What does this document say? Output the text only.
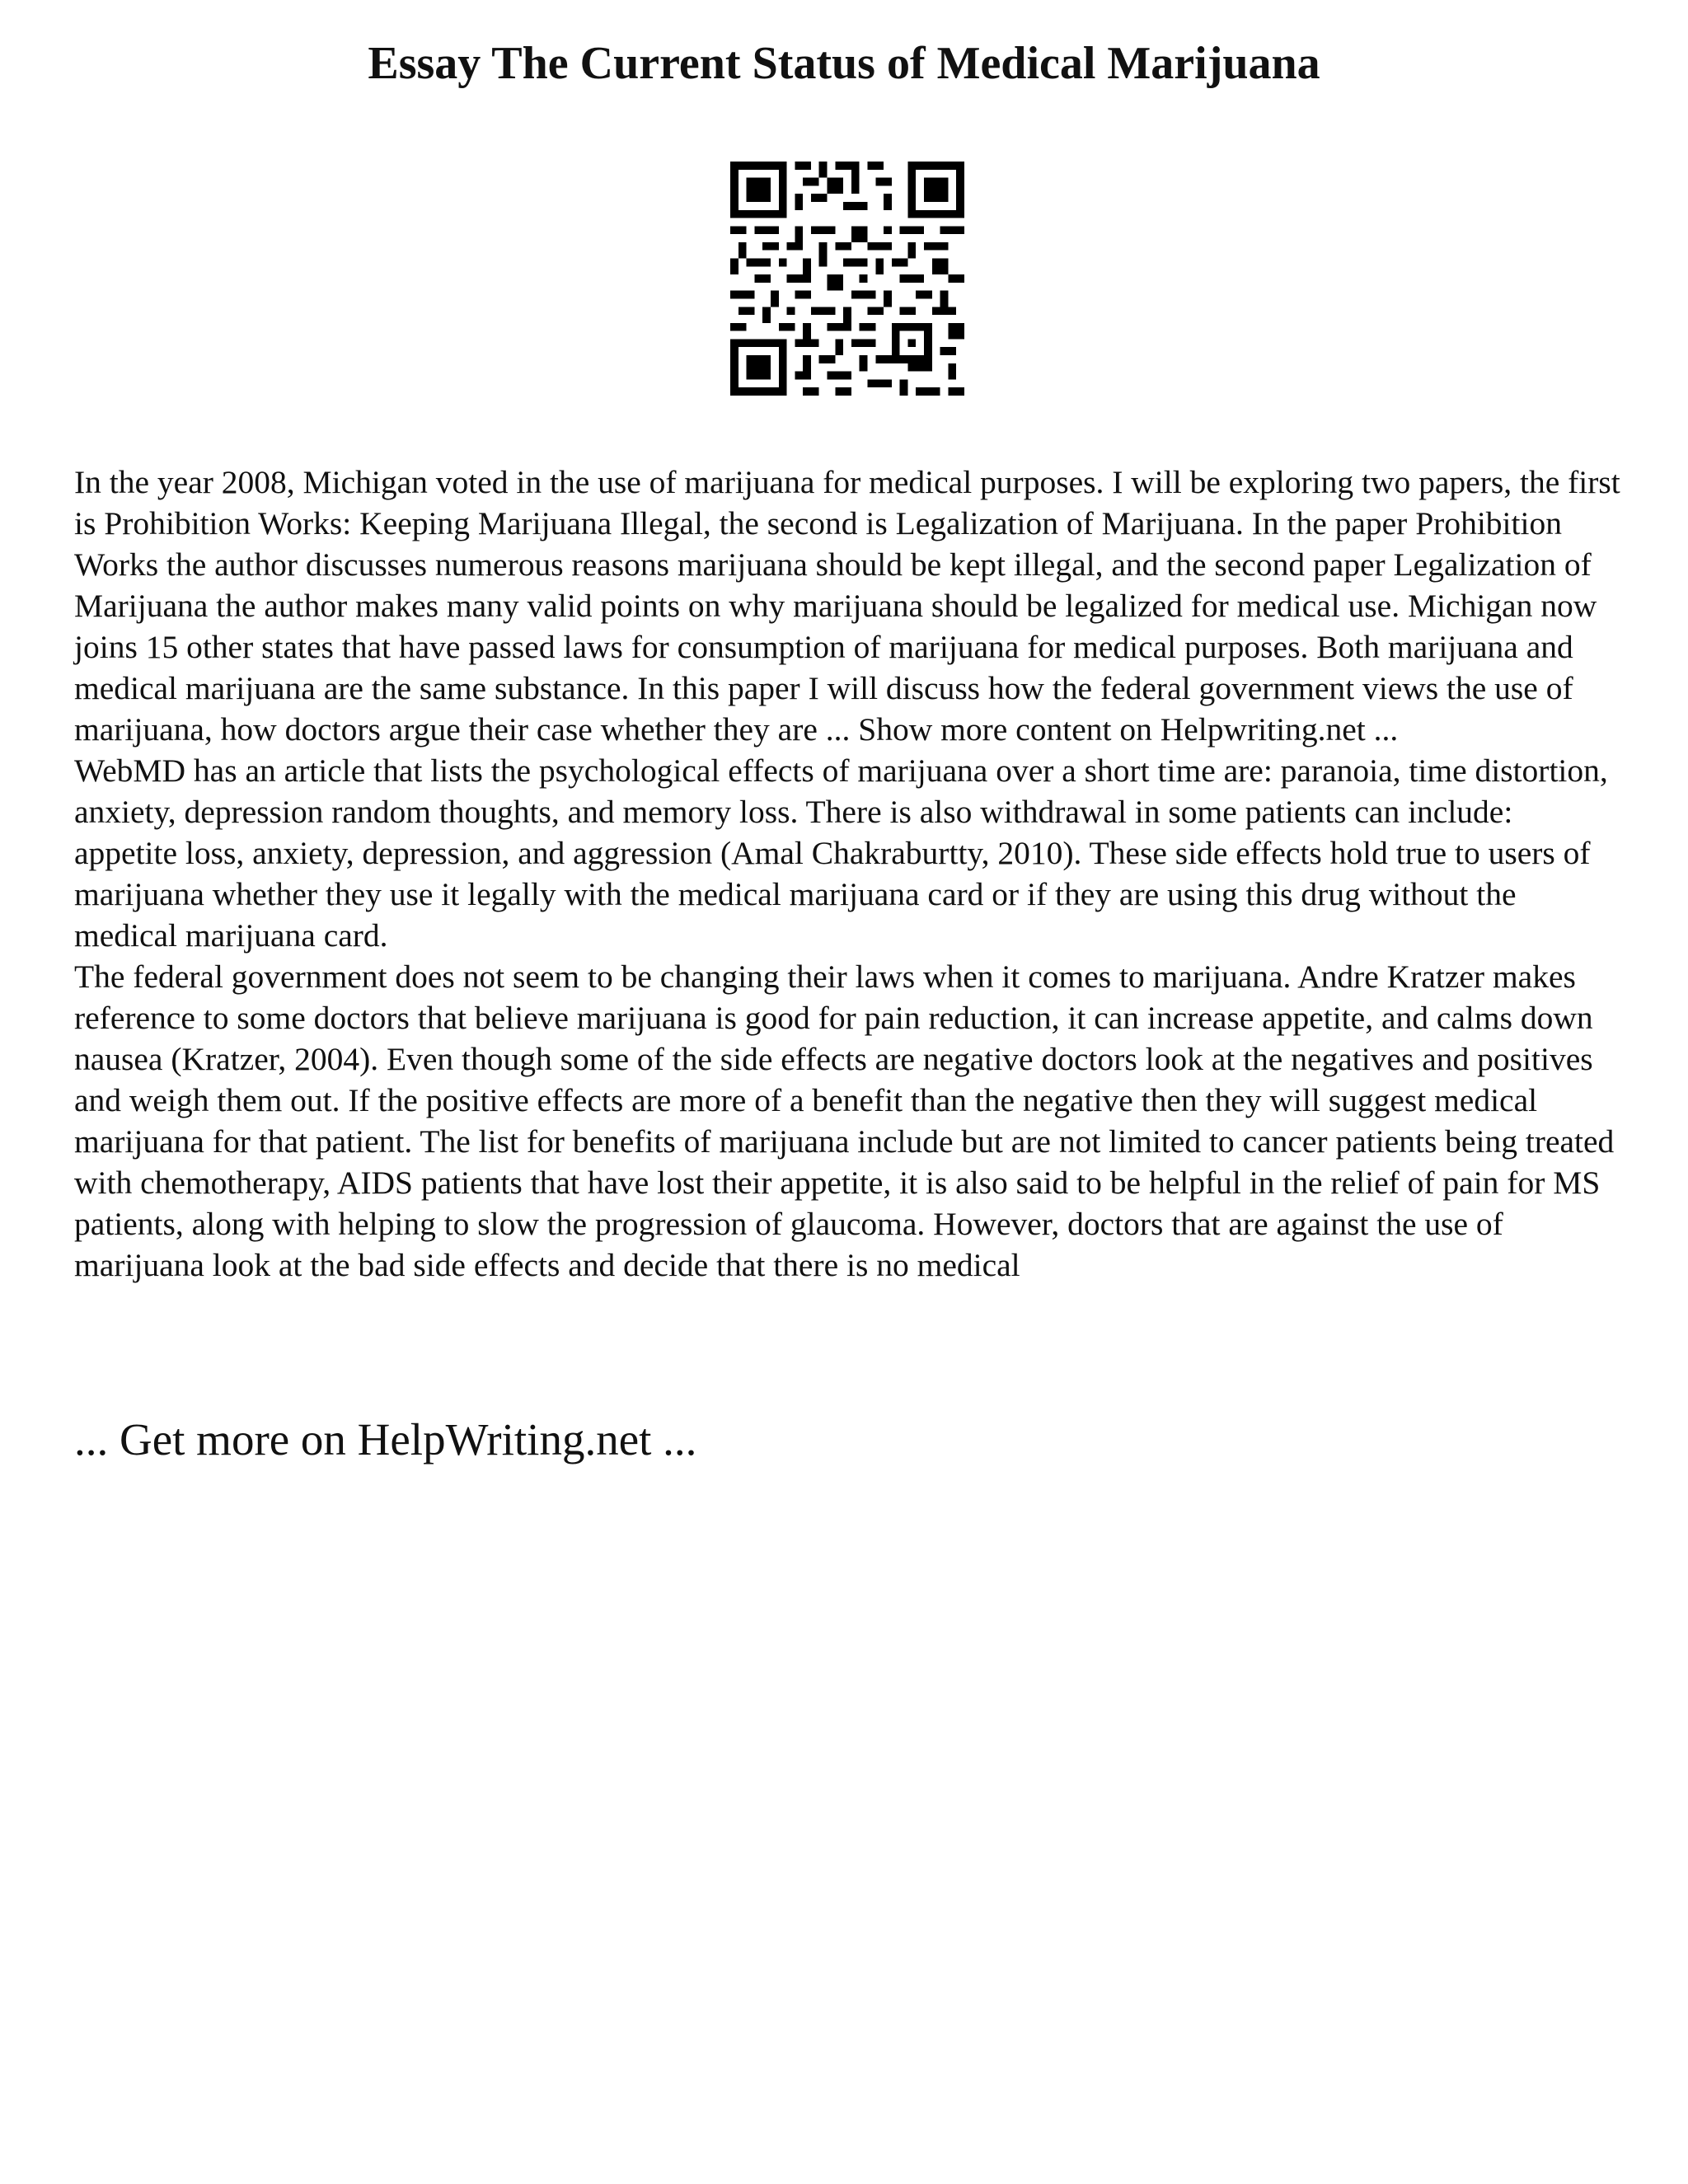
Essay The Current Status of Medical Marijuana

In the year 2008, Michigan voted in the use of marijuana for medical purposes. I will be exploring two papers, the first is Prohibition Works: Keeping Marijuana Illegal, the second is Legalization of Marijuana. In the paper Prohibition Works the author discusses numerous reasons marijuana should be kept illegal, and the second paper Legalization of Marijuana the author makes many valid points on why marijuana should be legalized for medical use. Michigan now joins 15 other states that have passed laws for consumption of marijuana for medical purposes. Both marijuana and medical marijuana are the same substance. In this paper I will discuss how the federal government views the use of marijuana, how doctors argue their case whether they are ... Show more content on Helpwriting.net ...

WebMD has an article that lists the psychological effects of marijuana over a short time are: paranoia, time distortion, anxiety, depression random thoughts, and memory loss. There is also withdrawal in some patients can include: appetite loss, anxiety, depression, and aggression (Amal Chakraburtty, 2010). These side effects hold true to users of marijuana whether they use it legally with the medical marijuana card or if they are using this drug without the medical marijuana card.

The federal government does not seem to be changing their laws when it comes to marijuana. Andre Kratzer makes reference to some doctors that believe marijuana is good for pain reduction, it can increase appetite, and calms down nausea (Kratzer, 2004). Even though some of the side effects are negative doctors look at the negatives and positives and weigh them out. If the positive effects are more of a benefit than the negative then they will suggest medical marijuana for that patient. The list for benefits of marijuana include but are not limited to cancer patients being treated with chemotherapy, AIDS patients that have lost their appetite, it is also said to be helpful in the relief of pain for MS patients, along with helping to slow the progression of glaucoma. However, doctors that are against the use of marijuana look at the bad side effects and decide that there is no medical

... Get more on HelpWriting.net ...
